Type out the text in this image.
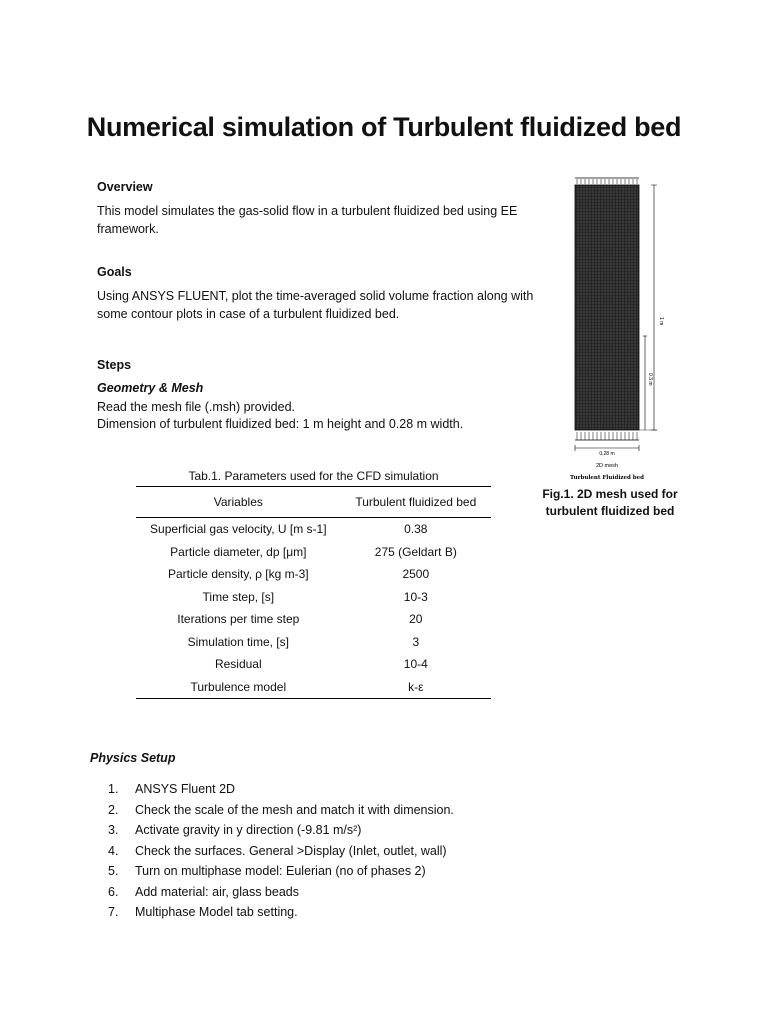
Numerical simulation of Turbulent fluidized bed
Overview
This model simulates the gas-solid flow in a turbulent fluidized bed using EE framework.
Goals
Using ANSYS FLUENT, plot the time-averaged solid volume fraction along with some contour plots in case of a turbulent fluidized bed.
Steps
Geometry & Mesh
Read the mesh file (.msh) provided.
Dimension of turbulent fluidized bed: 1 m height and 0.28 m width.
1 m
0.3 m
0.28 m
2D mesh
Turbulent Fluidized bed
Fig.1. 2D mesh used for turbulent fluidized bed
Tab.1. Parameters used for the CFD simulation
Variables	Turbulent fluidized bed
Superficial gas velocity, U [m s-1]	0.38
Particle diameter, dp [μm]	275 (Geldart B)
Particle density, ρ [kg m-3]	2500
Time step, [s]	10-3
Iterations per time step	20
Simulation time, [s]	3
Residual	10-4
Turbulence model	k-ε
Physics Setup
1.	ANSYS Fluent 2D
2.	Check the scale of the mesh and match it with dimension.
3.	Activate gravity in y direction (-9.81 m/s²)
4.	Check the surfaces. General >Display (Inlet, outlet, wall)
5.	Turn on multiphase model: Eulerian (no of phases 2)
6.	Add material: air, glass beads
7.	Multiphase Model tab setting.
